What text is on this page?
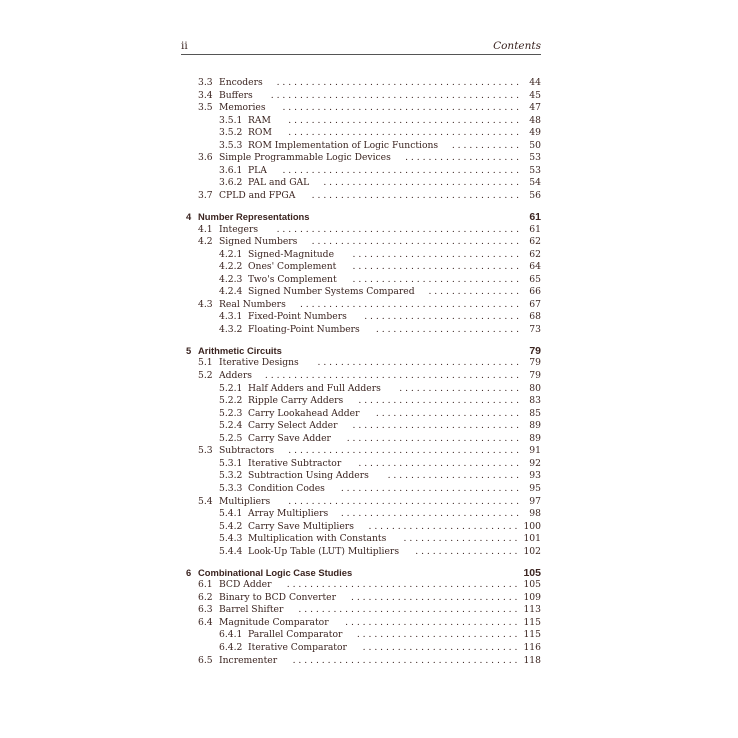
ii	Contents
3.3 Encoders	. . . . . . . . . . . . . . . . . . . . . . . . . . . . . . . . . . . . . . . . . .	44
3.4 Buffers	. . . . . . . . . . . . . . . . . . . . . . . . . . . . . . . . . . . . . . . . . . .	45
3.5 Memories	. . . . . . . . . . . . . . . . . . . . . . . . . . . . . . . . . . . . . . . . .	47
3.5.1 RAM	. . . . . . . . . . . . . . . . . . . . . . . . . . . . . . . . . . . . . . . .	48
3.5.2 ROM	. . . . . . . . . . . . . . . . . . . . . . . . . . . . . . . . . . . . . . . .	49
3.5.3 ROM Implementation of Logic Functions	. . . . . . . . . . . .	50
3.6 Simple Programmable Logic Devices	. . . . . . . . . . . . . . . . . . . .	53
3.6.1 PLA	. . . . . . . . . . . . . . . . . . . . . . . . . . . . . . . . . . . . . . . . .	53
3.6.2 PAL and GAL	. . . . . . . . . . . . . . . . . . . . . . . . . . . . . . . . . .	54
3.7 CPLD and FPGA	. . . . . . . . . . . . . . . . . . . . . . . . . . . . . . . . . . . .	56
4 Number Representations	61
4.1 Integers	. . . . . . . . . . . . . . . . . . . . . . . . . . . . . . . . . . . . . . . . . .	61
4.2 Signed Numbers	. . . . . . . . . . . . . . . . . . . . . . . . . . . . . . . . . . . .	62
4.2.1 Signed-Magnitude	. . . . . . . . . . . . . . . . . . . . . . . . . . . . .	62
4.2.2 Ones' Complement	. . . . . . . . . . . . . . . . . . . . . . . . . . . . .	64
4.2.3 Two's Complement	. . . . . . . . . . . . . . . . . . . . . . . . . . . . .	65
4.2.4 Signed Number Systems Compared	. . . . . . . . . . . . . . . .	66
4.3 Real Numbers	. . . . . . . . . . . . . . . . . . . . . . . . . . . . . . . . . . . . . .	67
4.3.1 Fixed-Point Numbers	. . . . . . . . . . . . . . . . . . . . . . . . . . .	68
4.3.2 Floating-Point Numbers	. . . . . . . . . . . . . . . . . . . . . . . . .	73
5 Arithmetic Circuits	79
5.1 Iterative Designs	. . . . . . . . . . . . . . . . . . . . . . . . . . . . . . . . . . .	79
5.2 Adders	. . . . . . . . . . . . . . . . . . . . . . . . . . . . . . . . . . . . . . . . . . . .	79
5.2.1 Half Adders and Full Adders	. . . . . . . . . . . . . . . . . . . . .	80
5.2.2 Ripple Carry Adders	. . . . . . . . . . . . . . . . . . . . . . . . . . . .	83
5.2.3 Carry Lookahead Adder	. . . . . . . . . . . . . . . . . . . . . . . . .	85
5.2.4 Carry Select Adder	. . . . . . . . . . . . . . . . . . . . . . . . . . . . .	89
5.2.5 Carry Save Adder	. . . . . . . . . . . . . . . . . . . . . . . . . . . . . .	89
5.3 Subtractors	. . . . . . . . . . . . . . . . . . . . . . . . . . . . . . . . . . . . . . . .	91
5.3.1 Iterative Subtractor	. . . . . . . . . . . . . . . . . . . . . . . . . . . .	92
5.3.2 Subtraction Using Adders	. . . . . . . . . . . . . . . . . . . . . . .	93
5.3.3 Condition Codes	. . . . . . . . . . . . . . . . . . . . . . . . . . . . . . .	95
5.4 Multipliers	. . . . . . . . . . . . . . . . . . . . . . . . . . . . . . . . . . . . . . . .	97
5.4.1 Array Multipliers	. . . . . . . . . . . . . . . . . . . . . . . . . . . . . . .	98
5.4.2 Carry Save Multipliers	. . . . . . . . . . . . . . . . . . . . . . . . . . 100
5.4.3 Multiplication with Constants	. . . . . . . . . . . . . . . . . . . . 101
5.4.4 Look-Up Table (LUT) Multipliers	. . . . . . . . . . . . . . . . . . 102
6 Combinational Logic Case Studies	105
6.1 BCD Adder	. . . . . . . . . . . . . . . . . . . . . . . . . . . . . . . . . . . . . . . . 105
6.2 Binary to BCD Converter	. . . . . . . . . . . . . . . . . . . . . . . . . . . . . 109
6.3 Barrel Shifter	. . . . . . . . . . . . . . . . . . . . . . . . . . . . . . . . . . . . . . 113
6.4 Magnitude Comparator	. . . . . . . . . . . . . . . . . . . . . . . . . . . . . . 115
6.4.1 Parallel Comparator	. . . . . . . . . . . . . . . . . . . . . . . . . . . . 115
6.4.2 Iterative Comparator	. . . . . . . . . . . . . . . . . . . . . . . . . . . 116
6.5 Incrementer	. . . . . . . . . . . . . . . . . . . . . . . . . . . . . . . . . . . . . . . 118
